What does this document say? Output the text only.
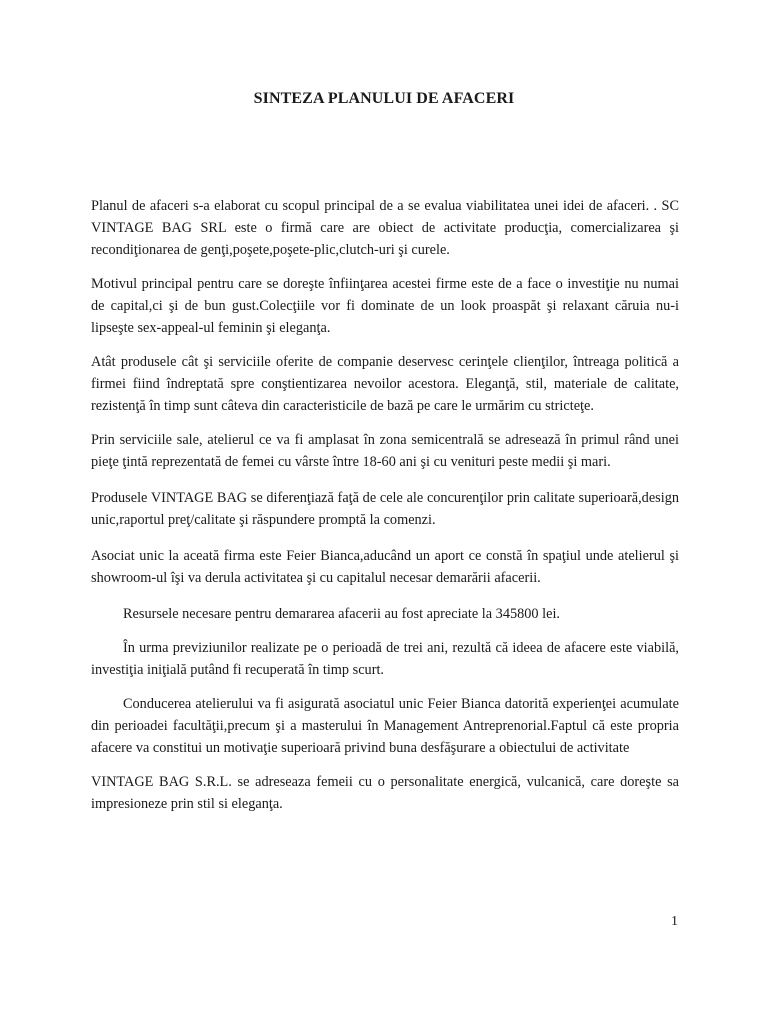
SINTEZA PLANULUI DE AFACERI

Planul de afaceri s-a elaborat cu scopul principal de a se evalua viabilitatea unei idei de afaceri. . SC VINTAGE BAG SRL este o firmă care are obiect de activitate producţia, comercializarea şi recondiţionarea de genţi,poşete,poşete-plic,clutch-uri şi curele.

Motivul principal pentru care se doreşte înfiinţarea acestei firme este de a face o investiţie nu numai de capital,ci şi de bun gust.Colecţiile vor fi dominate de un look proaspăt şi relaxant căruia nu-i lipseşte sex-appeal-ul feminin şi eleganţa.

Atât produsele cât şi serviciile oferite de companie deservesc cerinţele clienţilor, întreaga politică a firmei fiind îndreptată spre conştientizarea nevoilor acestora. Eleganţă, stil, materiale de calitate, rezistenţă în timp sunt câteva din caracteristicile de bază pe care le urmărim cu stricteţe.

Prin serviciile sale, atelierul ce va fi amplasat în zona semicentrală se adresează în primul rând unei pieţe ţintă reprezentată de femei cu vârste între 18-60 ani şi cu venituri peste medii şi mari.

Produsele VINTAGE BAG se diferenţiază faţă de cele ale concurenţilor prin calitate superioară,design unic,raportul preţ/calitate şi răspundere promptă la comenzi.

Asociat unic la aceată firma este Feier Bianca,aducând un aport ce constă în spaţiul unde atelierul şi showroom-ul îşi va derula activitatea şi cu capitalul necesar demarării afacerii.

Resursele necesare pentru demararea afacerii au fost apreciate la 345800 lei.

În urma previziunilor realizate pe o perioadă de trei ani, rezultă că ideea de afacere este viabilă, investiţia iniţială putând fi recuperată în timp scurt.

Conducerea atelierului va fi asigurată asociatul unic Feier Bianca datorită experienţei acumulate din perioadei facultăţii,precum şi a masterului în Management Antreprenorial.Faptul că este propria afacere va constitui un motivaţie superioară privind buna desfăşurare a obiectului de activitate

VINTAGE BAG S.R.L. se adreseaza femeii cu o personalitate energică, vulcanică, care doreşte sa impresioneze prin stil si eleganţa.

1
